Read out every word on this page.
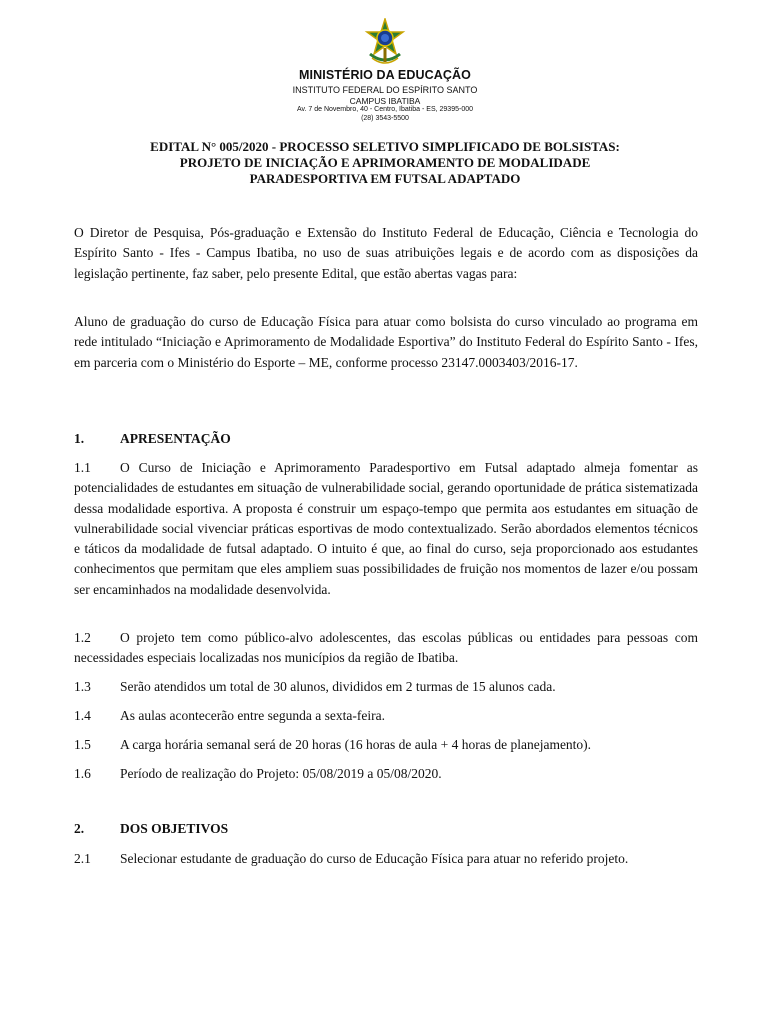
MINISTÉRIO DA EDUCAÇÃO
INSTITUTO FEDERAL DO ESPÍRITO SANTO
CAMPUS IBATIBA
Av. 7 de Novembro, 40 - Centro, Ibatiba - ES, 29395-000
(28) 3543-5500
EDITAL N° 005/2020 - PROCESSO SELETIVO SIMPLIFICADO DE BOLSISTAS:
PROJETO DE INICIAÇÃO E APRIMORAMENTO DE MODALIDADE
PARADESPORTIVA EM FUTSAL ADAPTADO
O Diretor de Pesquisa, Pós-graduação e Extensão do Instituto Federal de Educação, Ciência e Tecnologia do Espírito Santo - Ifes - Campus Ibatiba, no uso de suas atribuições legais e de acordo com as disposições da legislação pertinente, faz saber, pelo presente Edital, que estão abertas vagas para:
Aluno de graduação do curso de Educação Física para atuar como bolsista do curso vinculado ao programa em rede intitulado “Iniciação e Aprimoramento de Modalidade Esportiva” do Instituto Federal do Espírito Santo - Ifes, em parceria com o Ministério do Esporte – ME, conforme processo 23147.0003403/2016-17.
1.	APRESENTAÇÃO
1.1 O Curso de Iniciação e Aprimoramento Paradesportivo em Futsal adaptado almeja fomentar as potencialidades de estudantes em situação de vulnerabilidade social, gerando oportunidade de prática sistematizada dessa modalidade esportiva. A proposta é construir um espaço-tempo que permita aos estudantes em situação de vulnerabilidade social vivenciar práticas esportivas de modo contextualizado. Serão abordados elementos técnicos e táticos da modalidade de futsal adaptado. O intuito é que, ao final do curso, seja proporcionado aos estudantes conhecimentos que permitam que eles ampliem suas possibilidades de fruição nos momentos de lazer e/ou possam ser encaminhados na modalidade desenvolvida.
1.2 O projeto tem como público-alvo adolescentes, das escolas públicas ou entidades para pessoas com necessidades especiais localizadas nos municípios da região de Ibatiba.
1.3 Serão atendidos um total de 30 alunos, divididos em 2 turmas de 15 alunos cada.
1.4 As aulas acontecerão entre segunda a sexta-feira.
1.5 A carga horária semanal será de 20 horas (16 horas de aula + 4 horas de planejamento).
1.6 Período de realização do Projeto: 05/08/2019 a 05/08/2020.
2.	DOS OBJETIVOS
2.1 Selecionar estudante de graduação do curso de Educação Física para atuar no referido projeto.
